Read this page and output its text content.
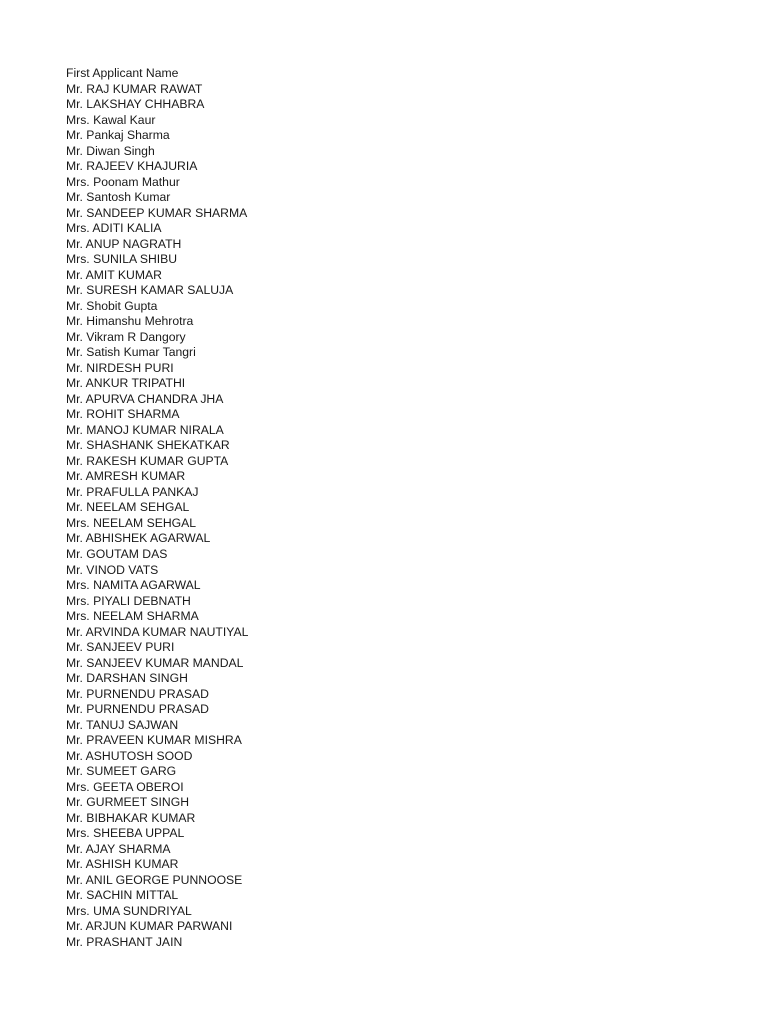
First Applicant Name
Mr. RAJ KUMAR RAWAT
Mr. LAKSHAY CHHABRA
Mrs. Kawal Kaur
Mr. Pankaj Sharma
Mr. Diwan Singh
Mr. RAJEEV KHAJURIA
Mrs. Poonam Mathur
Mr. Santosh Kumar
Mr. SANDEEP KUMAR SHARMA
Mrs. ADITI KALIA
Mr. ANUP NAGRATH
Mrs. SUNILA SHIBU
Mr. AMIT KUMAR
Mr. SURESH KAMAR SALUJA
Mr. Shobit Gupta
Mr. Himanshu Mehrotra
Mr. Vikram R Dangory
Mr. Satish Kumar Tangri
Mr. NIRDESH PURI
Mr. ANKUR TRIPATHI
Mr. APURVA CHANDRA JHA
Mr. ROHIT SHARMA
Mr. MANOJ KUMAR NIRALA
Mr. SHASHANK SHEKATKAR
Mr. RAKESH KUMAR GUPTA
Mr. AMRESH KUMAR
Mr. PRAFULLA PANKAJ
Mr. NEELAM SEHGAL
Mrs. NEELAM SEHGAL
Mr. ABHISHEK AGARWAL
Mr. GOUTAM DAS
Mr. VINOD VATS
Mrs. NAMITA AGARWAL
Mrs. PIYALI DEBNATH
Mrs. NEELAM SHARMA
Mr. ARVINDA KUMAR NAUTIYAL
Mr. SANJEEV PURI
Mr. SANJEEV KUMAR MANDAL
Mr. DARSHAN SINGH
Mr. PURNENDU PRASAD
Mr. PURNENDU PRASAD
Mr. TANUJ SAJWAN
Mr. PRAVEEN KUMAR MISHRA
Mr. ASHUTOSH SOOD
Mr. SUMEET GARG
Mrs. GEETA OBEROI
Mr. GURMEET SINGH
Mr. BIBHAKAR KUMAR
Mrs. SHEEBA UPPAL
Mr. AJAY SHARMA
Mr. ASHISH KUMAR
Mr. ANIL GEORGE PUNNOOSE
Mr. SACHIN MITTAL
Mrs. UMA SUNDRIYAL
Mr. ARJUN KUMAR PARWANI
Mr. PRASHANT JAIN
